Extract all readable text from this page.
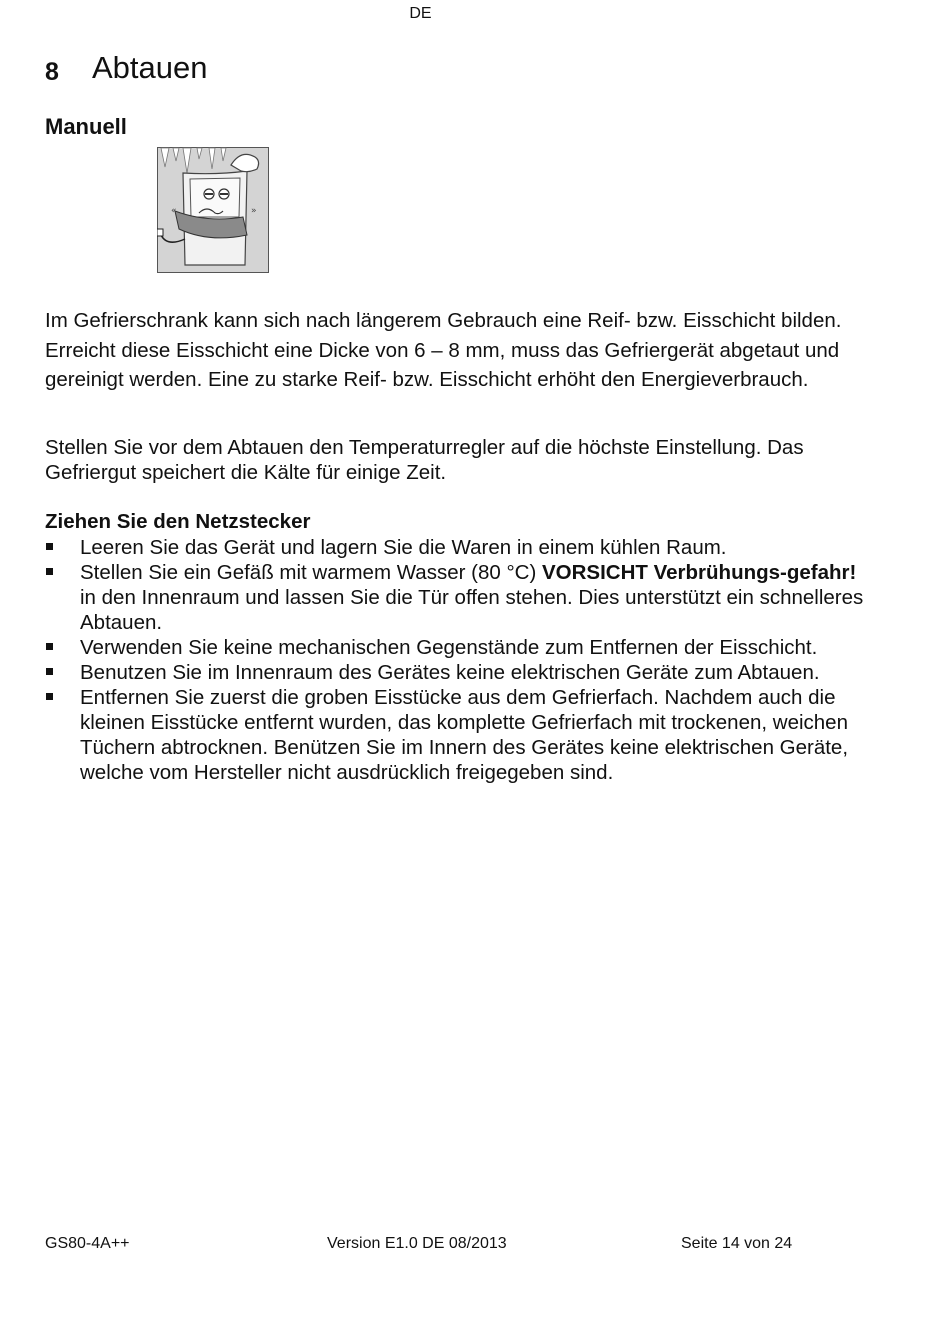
DE
8 Abtauen
Manuell
«	»
Im Gefrierschrank kann sich nach längerem Gebrauch eine Reif- bzw. Eisschicht bilden. Erreicht diese Eisschicht eine Dicke von 6 – 8 mm, muss das Gefriergerät abgetaut und gereinigt werden. Eine zu starke Reif- bzw. Eisschicht erhöht den Energieverbrauch.
Stellen Sie vor dem Abtauen den Temperaturregler auf die höchste Einstellung. Das Gefriergut speichert die Kälte für einige Zeit.
Ziehen Sie den Netzstecker
Leeren Sie das Gerät und lagern Sie die Waren in einem kühlen Raum.
Stellen Sie ein Gefäß mit warmem Wasser (80 °C) VORSICHT Verbrühungs-gefahr! in den Innenraum und lassen Sie die Tür offen stehen. Dies unterstützt ein schnelleres Abtauen.
Verwenden Sie keine mechanischen Gegenstände zum Entfernen der Eisschicht.
Benutzen Sie im Innenraum des Gerätes keine elektrischen Geräte zum Abtauen.
Entfernen Sie zuerst die groben Eisstücke aus dem Gefrierfach. Nachdem auch die kleinen Eisstücke entfernt wurden, das komplette Gefrierfach mit trockenen, weichen Tüchern abtrocknen. Benützen Sie im Innern des Gerätes keine elektrischen Geräte, welche vom Hersteller nicht ausdrücklich freigegeben sind.
GS80-4A++	Version E1.0 DE 08/2013	Seite 14 von 24
